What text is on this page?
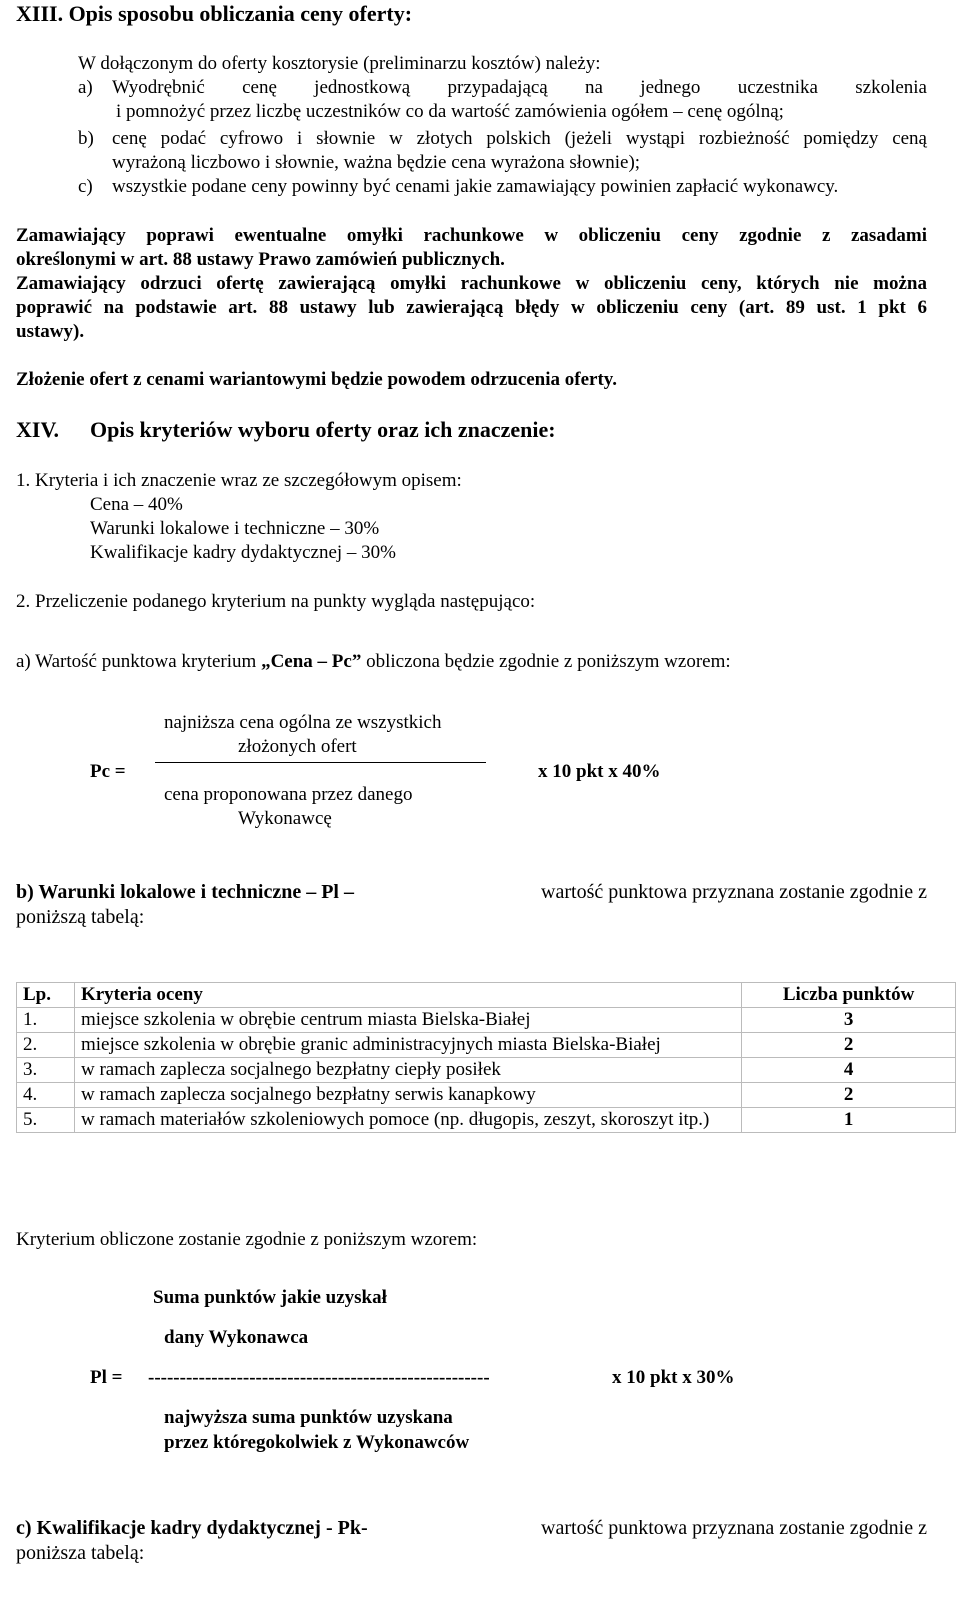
XIII. Opis sposobu obliczania ceny oferty:
W dołączonym do oferty kosztorysie (preliminarzu kosztów) należy:
a) Wyodrębnić cenę jednostkową przypadającą na jednego uczestnika szkolenia
i pomnożyć przez liczbę uczestników co da wartość zamówienia ogółem – cenę ogólną;
b) cenę podać cyfrowo i słownie w złotych polskich (jeżeli wystąpi rozbieżność pomiędzy ceną
wyrażoną liczbowo i słownie, ważna będzie cena wyrażona słownie);
c) wszystkie podane ceny powinny być cenami jakie zamawiający powinien zapłacić wykonawcy.
Zamawiający poprawi ewentualne omyłki rachunkowe w obliczeniu ceny zgodnie z zasadami
określonymi w art. 88 ustawy Prawo zamówień publicznych.
Zamawiający odrzuci ofertę zawierającą omyłki rachunkowe w obliczeniu ceny, których nie można
poprawić na podstawie art. 88 ustawy lub zawierającą błędy w obliczeniu ceny (art. 89 ust. 1 pkt 6
ustawy).
Złożenie ofert z cenami wariantowymi będzie powodem odrzucenia oferty.
XIV. Opis kryteriów wyboru oferty oraz ich znaczenie:
1. Kryteria i ich znaczenie wraz ze szczegółowym opisem:
Cena – 40%
Warunki lokalowe i techniczne – 30%
Kwalifikacje kadry dydaktycznej – 30%
2. Przeliczenie podanego kryterium na punkty wygląda następująco:
a) Wartość punktowa kryterium „Cena – Pc” obliczona będzie zgodnie z poniższym wzorem:
najniższa cena ogólna ze wszystkich
złożonych ofert
Pc =	x 10 pkt x 40%
cena proponowana przez danego
Wykonawcę
b) Warunki lokalowe i techniczne – Pl –	wartość punktowa przyznana zostanie zgodnie z
poniższą tabelą:
Lp.	Kryteria oceny	Liczba punktów
1.	miejsce szkolenia w obrębie centrum miasta Bielska-Białej	3
2.	miejsce szkolenia w obrębie granic administracyjnych miasta Bielska-Białej	2
3.	w ramach zaplecza socjalnego bezpłatny ciepły posiłek	4
4.	w ramach zaplecza socjalnego bezpłatny serwis kanapkowy	2
5.	w ramach materiałów szkoleniowych pomoce (np. długopis, zeszyt, skoroszyt itp.)	1
Kryterium obliczone zostanie zgodnie z poniższym wzorem:
Suma punktów jakie uzyskał
dany Wykonawca
Pl = ------------------------------------------------------	x 10 pkt x 30%
najwyższa suma punktów uzyskana
przez któregokolwiek z Wykonawców
c) Kwalifikacje kadry dydaktycznej - Pk-	wartość punktowa przyznana zostanie zgodnie z
poniższa tabelą:
